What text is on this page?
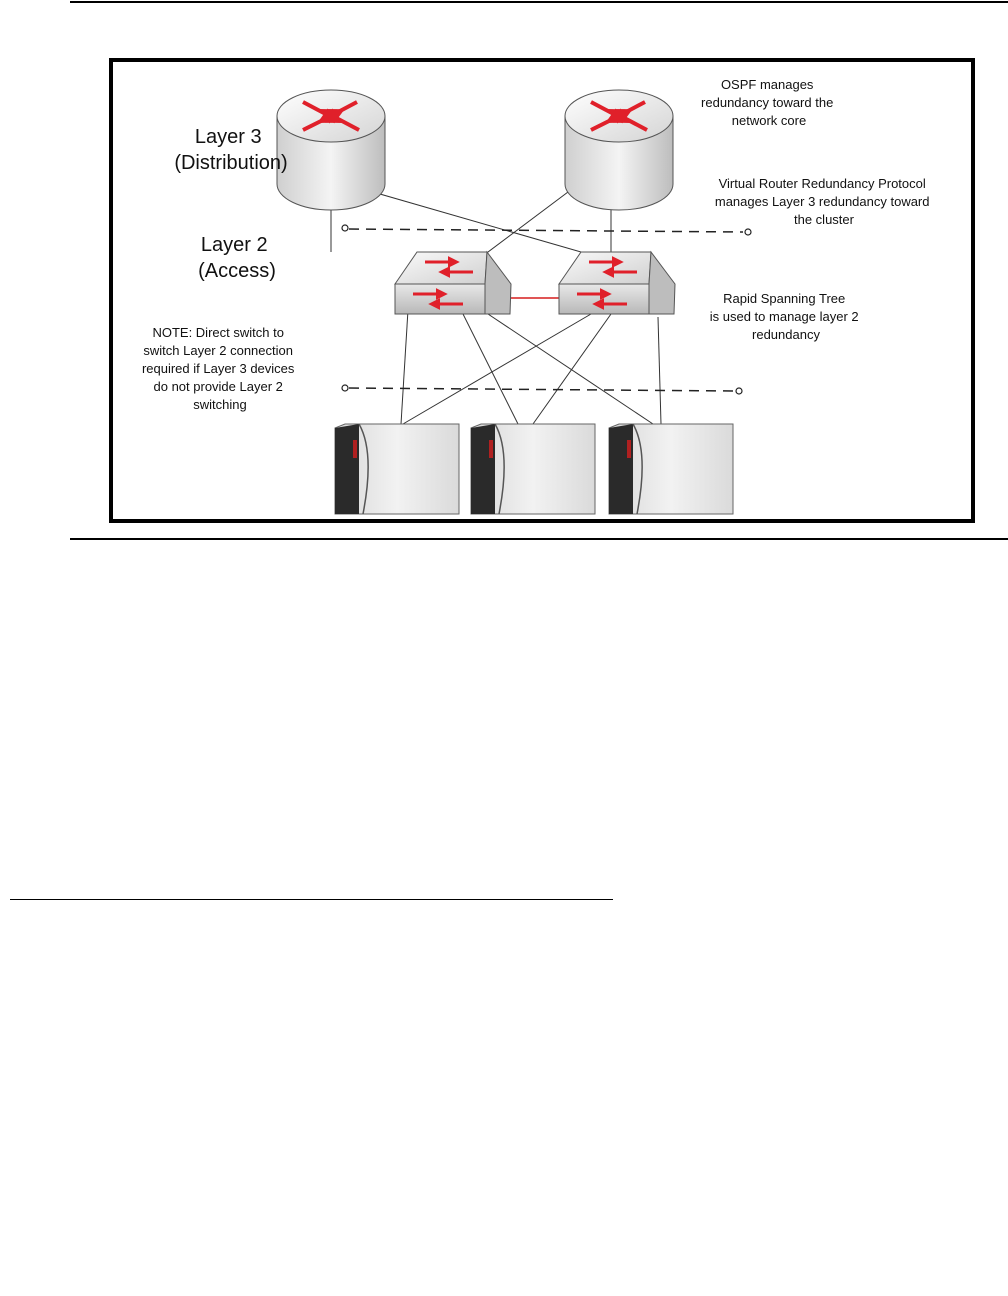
Layer 3 (Distribution)
Layer 2 (Access)
OSPF manages redundancy toward the network core
Virtual Router Redundancy Protocol manages Layer 3 redundancy toward the cluster
Rapid Spanning Tree is used to manage layer 2 redundancy
NOTE: Direct switch to switch Layer 2 connection required if Layer 3 devices do not provide Layer 2 switching
